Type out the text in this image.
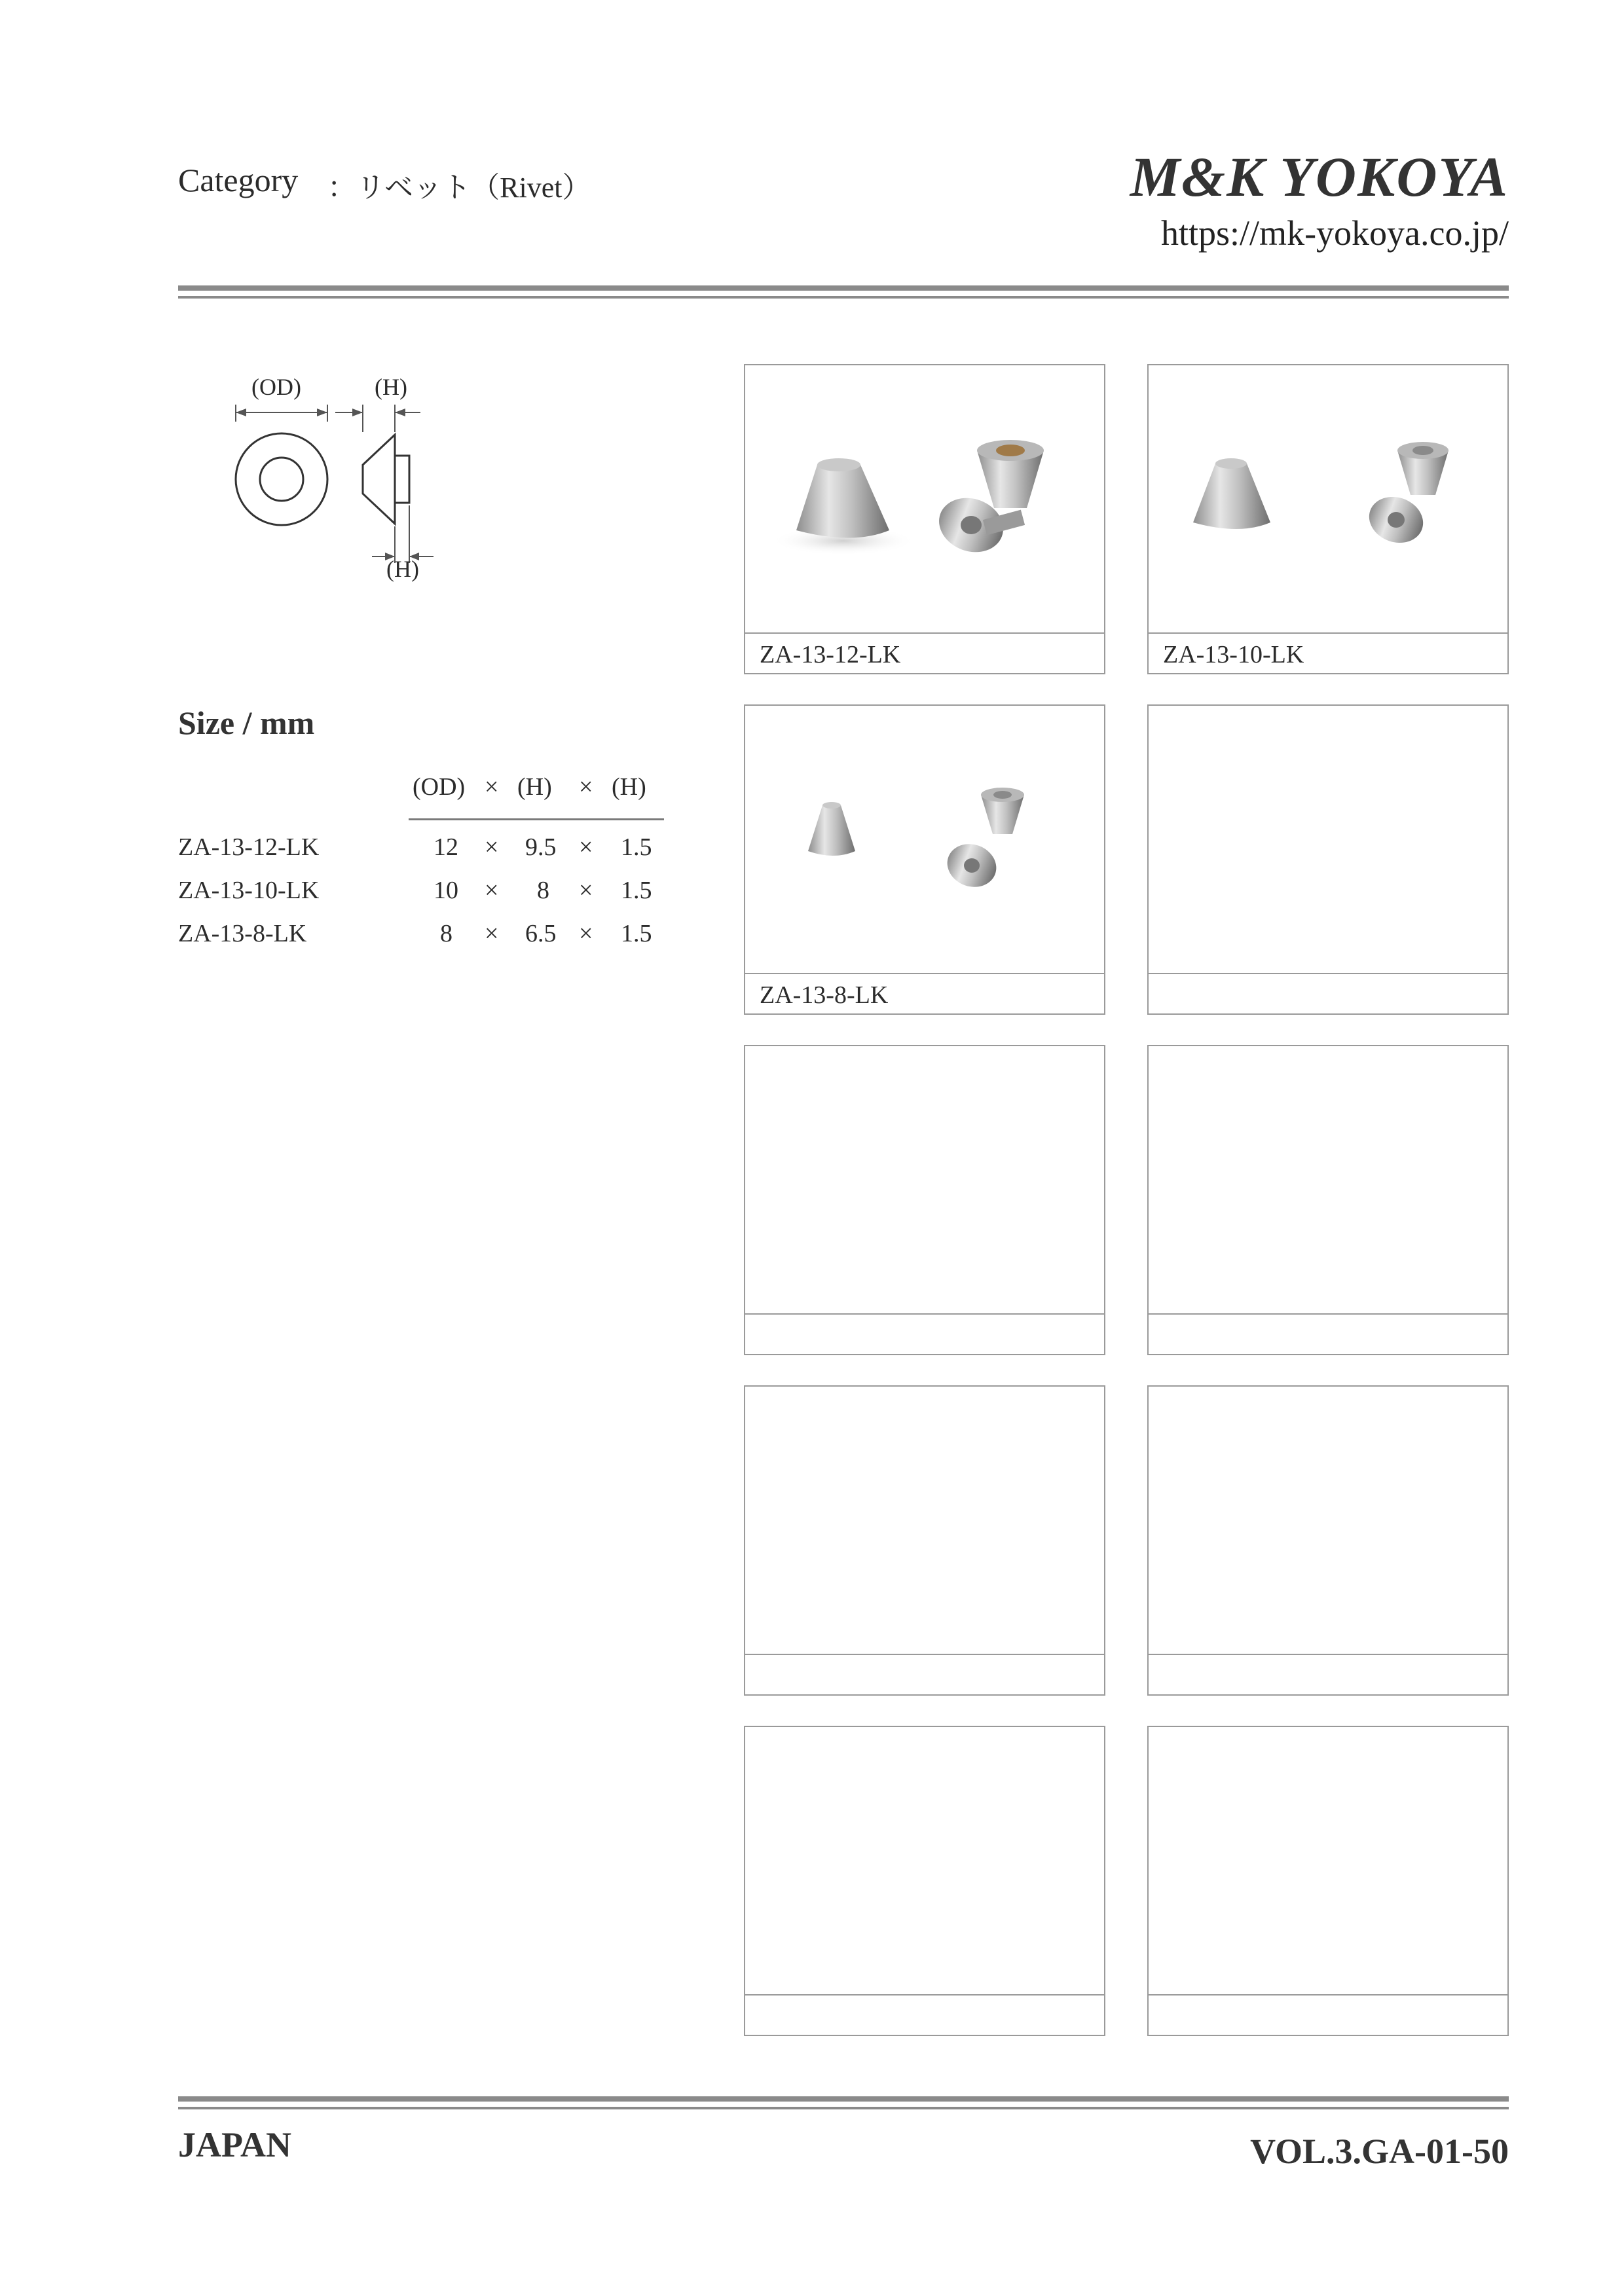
Category ：リベット（Rivet）	M&K YOKOYA
https://mk-yokoya.co.jp/
(OD)	(H)
(H)
Size / mm
(OD) × (H) × (H)
ZA-13-12-LK	12 × 9.5 × 1.5
ZA-13-10-LK	10 × 8 × 1.5
ZA-13-8-LK	8 × 6.5 × 1.5
ZA-13-12-LK	ZA-13-10-LK
ZA-13-8-LK
JAPAN	VOL.3.GA-01-50
